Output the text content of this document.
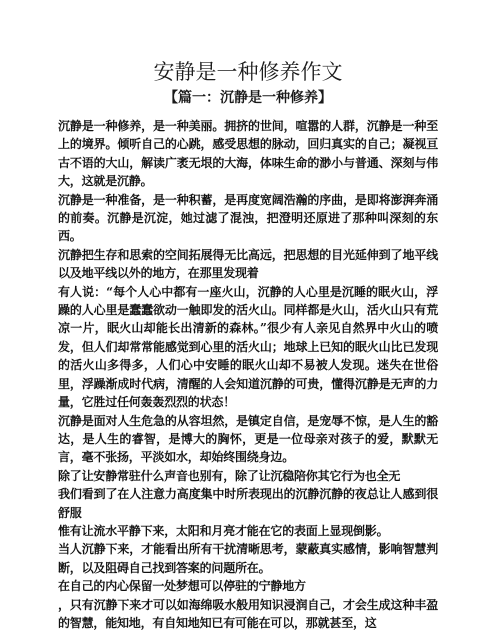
安静是一种修养作文
【篇一：沉静是一种修养】

沉静是一种修养，是一种美丽。拥挤的世间，喧嚣的人群，沉静是一种至上的境界。倾听自己的心跳，感受思想的脉动，回归真实的自己；凝视亘古不语的大山，解读广袤无垠的大海，体味生命的渺小与普通、深刻与伟大，这就是沉静。

沉静是一种准备，是一种积蓄，是再度宽阔浩瀚的序曲，是即将澎湃奔涌的前奏。沉静是沉淀，她过滤了混浊，把澄明还原进了那种叫深刻的东西。

沉静把生存和思索的空间拓展得无比高远，把思想的目光延伸到了地平线以及地平线以外的地方，在那里发现着

有人说：“每个人心中都有一座火山，沉静的人心里是沉睡的眠火山，浮躁的人心里是蠢蠢欲动一触即发的活火山。同样都是火山，活火山只有荒凉一片，眠火山却能长出清新的森林。”很少有人亲见自然界中火山的喷发，但人们却常常能感觉到心里的活火山；地球上已知的眠火山比已发现的活火山多得多，人们心中安睡的眠火山却不易被人发现。迷失在世俗里，浮躁渐成时代病，清醒的人会知道沉静的可贵，懂得沉静是无声的力量，它胜过任何轰轰烈烈的状态！

沉静是面对人生危急的从容坦然，是镇定自信，是宠辱不惊，是人生的豁达，是人生的睿智，是博大的胸怀，更是一位母亲对孩子的爱，默默无言，毫不张扬，平淡如水，却始终围绕身边。

除了让安静常驻什么声音也别有，除了让沉稳陪你其它行为也全无

我们看到了在人注意力高度集中时所表现出的沉静沉静的夜总让人感到很舒服

惟有让流水平静下来，太阳和月亮才能在它的表面上显现倒影。

当人沉静下来，才能看出所有干扰清晰思考，蒙蔽真实感情，影响智慧判断，以及阻碍自己找到答案的问题所在。

在自己的内心保留一处梦想可以停驻的宁静地方

，只有沉静下来才可以如海绵吸水般用知识浸润自己，才会生成这种丰盈的智慧，能知地，有自知地知已有可能在可以，那就甚至，这
